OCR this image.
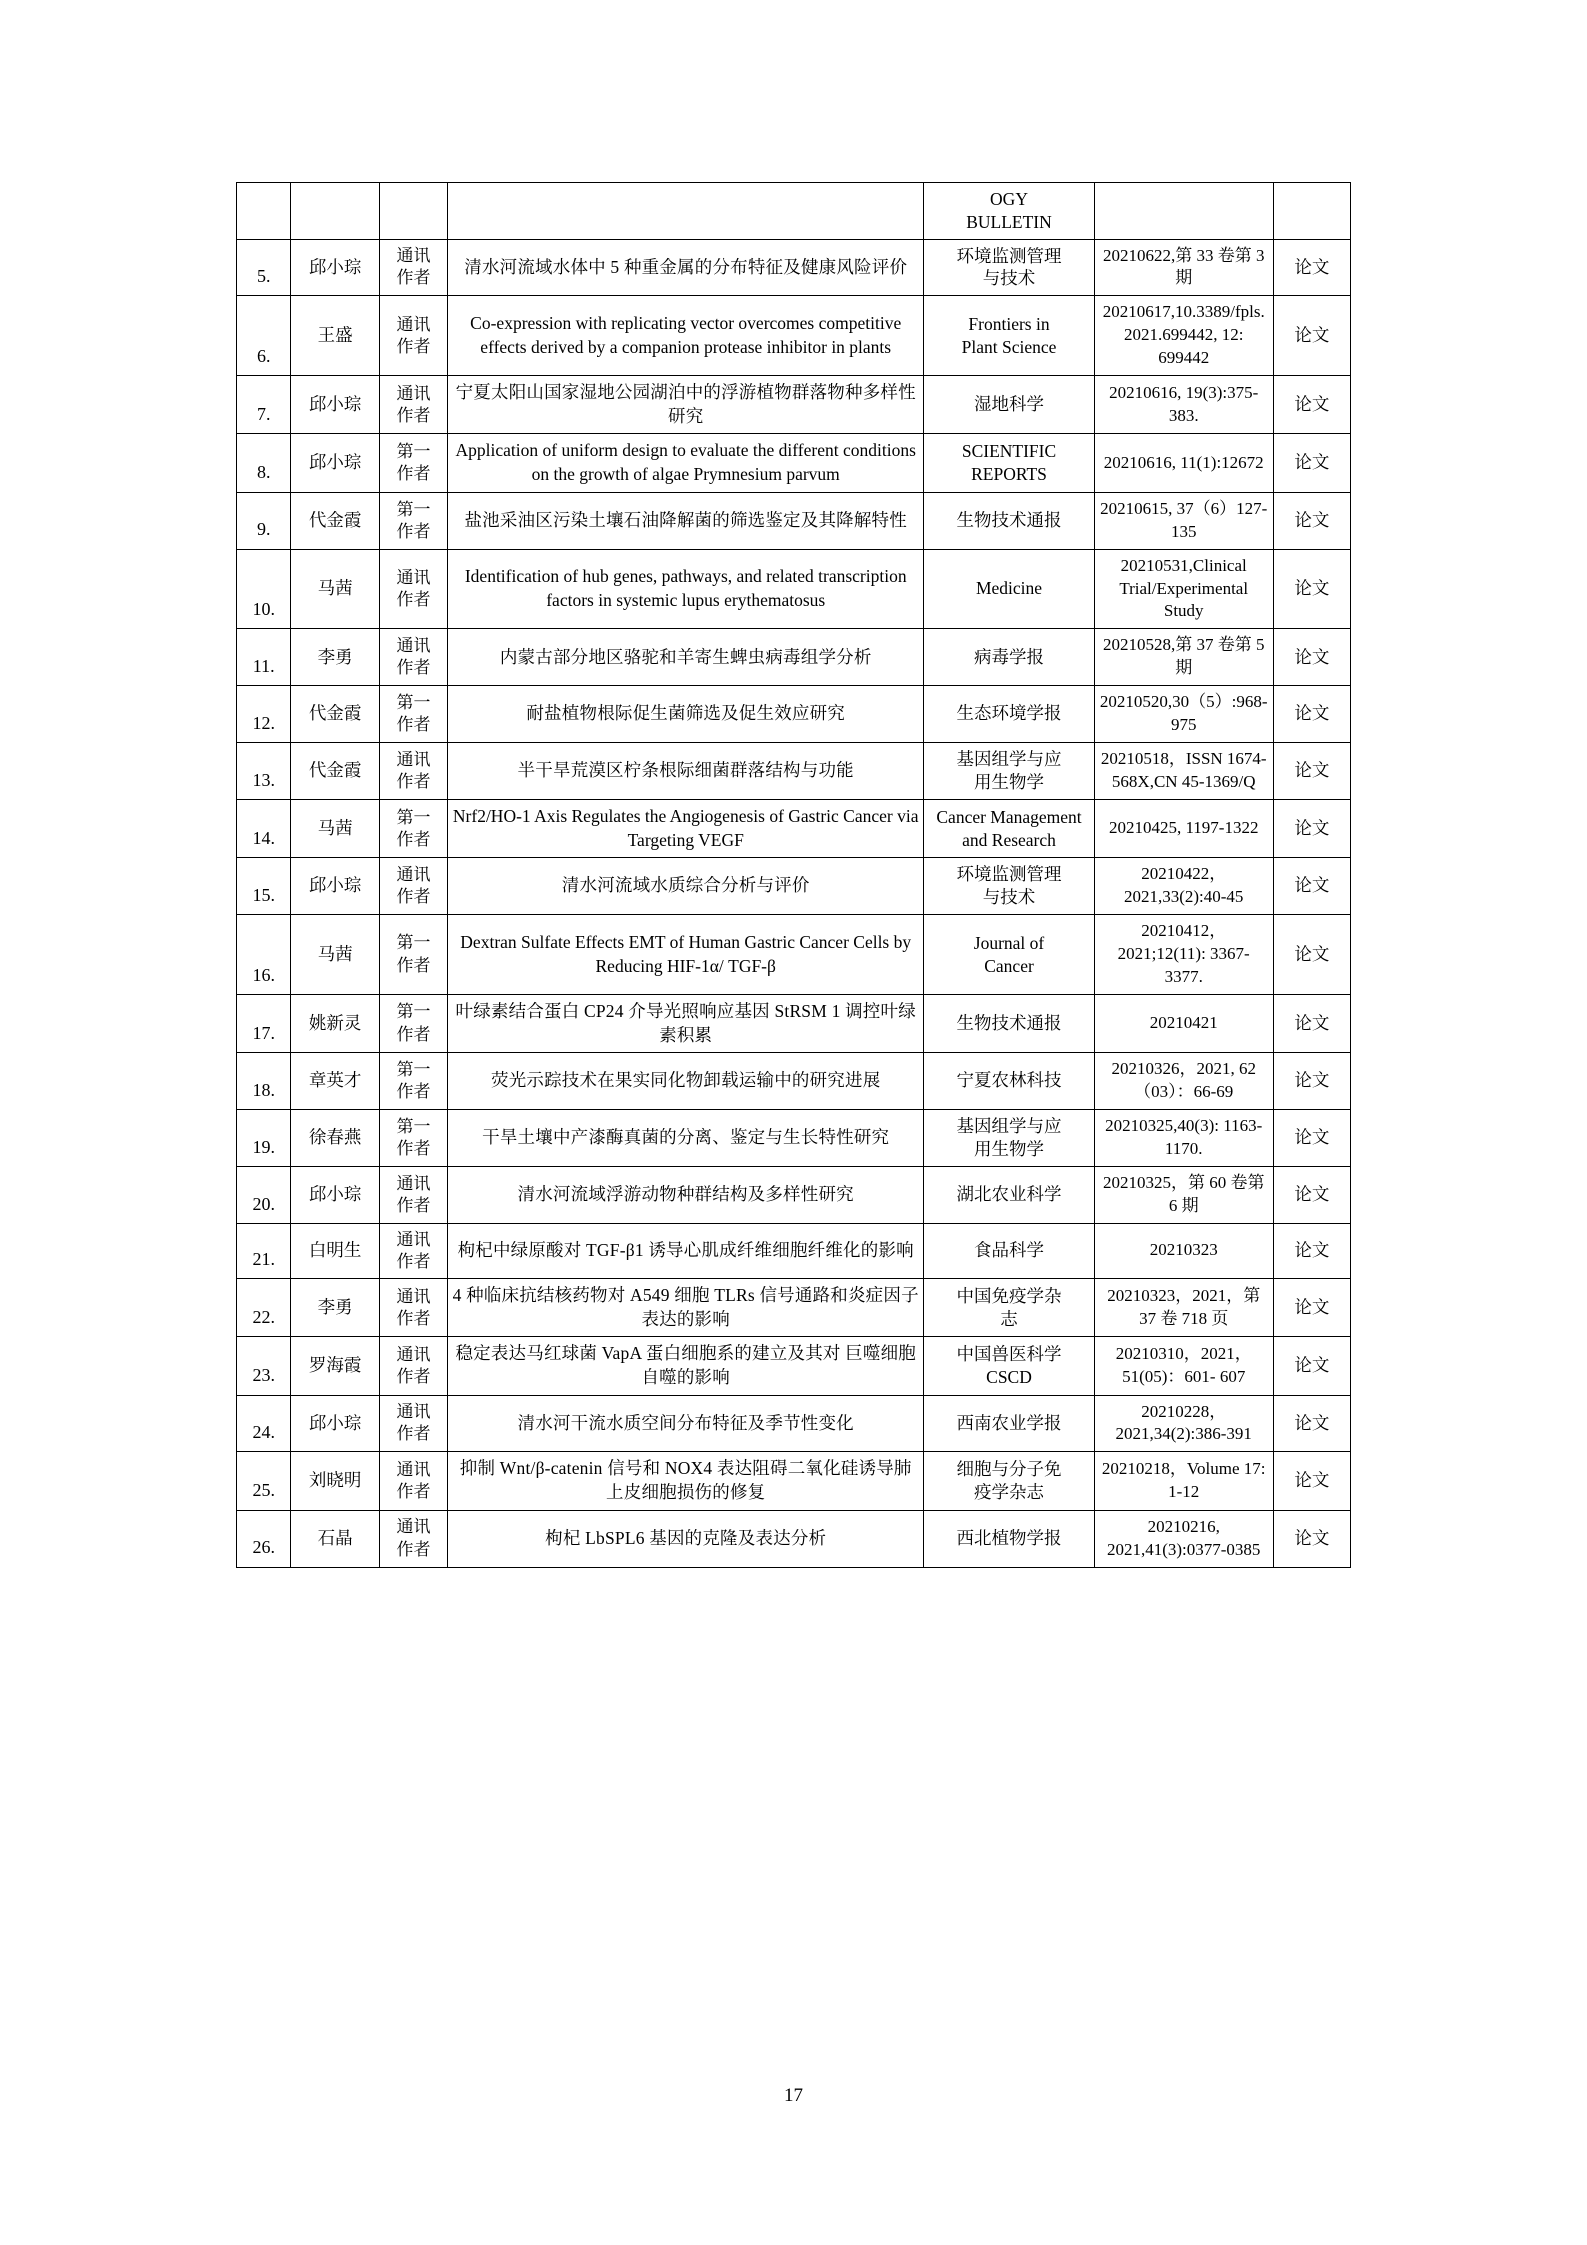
				OGY
BULLETIN		

5.	邱小琮	通讯
作者	清水河流域水体中 5 种重金属的分布特征及健康风险评价	环境监测管理
与技术	20210622,第 33 卷第 3 期	论文
6.	王盛	通讯
作者	Co-expression with replicating vector overcomes competitive effects derived by a companion protease inhibitor in plants	Frontiers in
Plant Science	20210617,10.3389/fpls.2021.699442, 12: 699442	论文
7.	邱小琮	通讯
作者	宁夏太阳山国家湿地公园湖泊中的浮游植物群落物种多样性研究	湿地科学	20210616, 19(3):375-383.	论文
8.	邱小琮	第一
作者	Application of uniform design to evaluate the different conditions on the growth of algae Prymnesium parvum	SCIENTIFIC
REPORTS	20210616, 11(1):12672	论文
9.	代金霞	第一
作者	盐池采油区污染土壤石油降解菌的筛选鉴定及其降解特性	生物技术通报	20210615, 37（6）127-135	论文
10.	马茜	通讯
作者	Identification of hub genes, pathways, and related transcription factors in systemic lupus erythematosus	Medicine	20210531,Clinical Trial/Experimental Study	论文
11.	李勇	通讯
作者	内蒙古部分地区骆驼和羊寄生蜱虫病毒组学分析	病毒学报	20210528,第 37 卷第 5 期	论文
12.	代金霞	第一
作者	耐盐植物根际促生菌筛选及促生效应研究	生态环境学报	20210520,30（5）:968-975	论文
13.	代金霞	通讯
作者	半干旱荒漠区柠条根际细菌群落结构与功能	基因组学与应
用生物学	20210518，ISSN 1674-568X,CN 45-1369/Q	论文
14.	马茜	第一
作者	Nrf2/HO-1 Axis Regulates the Angiogenesis of Gastric Cancer via Targeting VEGF	Cancer Management
and Research	20210425, 1197-1322	论文
15.	邱小琮	通讯
作者	清水河流域水质综合分析与评价	环境监测管理
与技术	20210422，2021,33(2):40-45	论文
16.	马茜	第一
作者	Dextran Sulfate Effects EMT of Human Gastric Cancer Cells by Reducing HIF-1α/ TGF-β	Journal of
Cancer	20210412，2021;12(11): 3367-3377.	论文
17.	姚新灵	第一
作者	叶绿素结合蛋白 CP24 介导光照响应基因 StRSM 1 调控叶绿素积累	生物技术通报	20210421	论文
18.	章英才	第一
作者	荧光示踪技术在果实同化物卸载运输中的研究进展	宁夏农林科技	20210326，2021, 62（03）：66-69	论文
19.	徐春燕	第一
作者	干旱土壤中产漆酶真菌的分离、鉴定与生长特性研究	基因组学与应
用生物学	20210325,40(3): 1163-1170.	论文
20.	邱小琮	通讯
作者	清水河流域浮游动物种群结构及多样性研究	湖北农业科学	20210325，第 60 卷第 6 期	论文
21.	白明生	通讯
作者	枸杞中绿原酸对 TGF-β1 诱导心肌成纤维细胞纤维化的影响	食品科学	20210323	论文
22.	李勇	通讯
作者	4 种临床抗结核药物对 A549 细胞 TLRs 信号通路和炎症因子表达的影响	中国免疫学杂
志	20210323，2021，第 37 卷 718 页	论文
23.	罗海霞	通讯
作者	稳定表达马红球菌 VapA 蛋白细胞系的建立及其对 巨噬细胞自噬的影响	中国兽医科学
CSCD	20210310，2021，51(05)：601- 607	论文
24.	邱小琮	通讯
作者	清水河干流水质空间分布特征及季节性变化	西南农业学报	20210228，2021,34(2):386-391	论文
25.	刘晓明	通讯
作者	抑制 Wnt/β-catenin 信号和 NOX4 表达阻碍二氧化硅诱导肺上皮细胞损伤的修复	细胞与分子免
疫学杂志	20210218，Volume 17: 1-12	论文
26.	石晶	通讯
作者	枸杞 LbSPL6 基因的克隆及表达分析	西北植物学报	20210216, 2021,41(3):0377-0385	论文
17
